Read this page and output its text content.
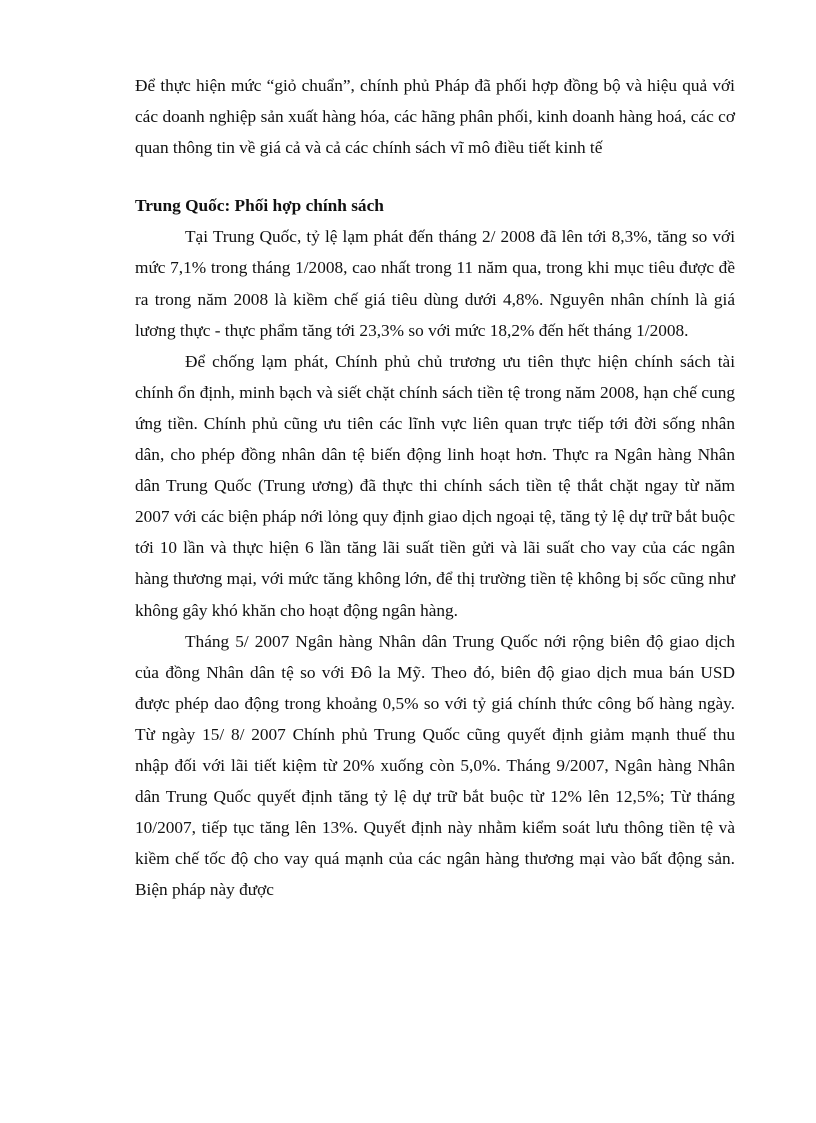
Để thực hiện mức “giỏ chuẩn”, chính phủ Pháp đã phối hợp đồng bộ và hiệu quả với các doanh nghiệp sản xuất hàng hóa, các hãng phân phối, kinh doanh hàng hoá, các cơ quan thông tin về giá cả và cả các chính sách vĩ mô điều tiết kinh tế

Trung Quốc: Phối hợp chính sách

Tại Trung Quốc, tỷ lệ lạm phát đến tháng 2/ 2008 đã lên tới 8,3%, tăng so với mức 7,1% trong tháng 1/2008, cao nhất trong 11 năm qua, trong khi mục tiêu được đề ra trong năm 2008 là kiềm chế giá tiêu dùng dưới 4,8%. Nguyên nhân chính là giá lương thực - thực phẩm tăng tới 23,3% so với mức 18,2% đến hết tháng 1/2008.

Để chống lạm phát, Chính phủ chủ trương ưu tiên thực hiện chính sách tài chính ổn định, minh bạch và siết chặt chính sách tiền tệ trong năm 2008, hạn chế cung ứng tiền. Chính phủ cũng ưu tiên các lĩnh vực liên quan trực tiếp tới đời sống nhân dân, cho phép đồng nhân dân tệ biến động linh hoạt hơn. Thực ra Ngân hàng Nhân dân Trung Quốc (Trung ương) đã thực thi chính sách tiền tệ thắt chặt ngay từ năm 2007 với các biện pháp nới lỏng quy định giao dịch ngoại tệ, tăng tỷ lệ dự trữ bắt buộc tới 10 lần và thực hiện 6 lần tăng lãi suất tiền gửi và lãi suất cho vay của các ngân hàng thương mại, với mức tăng không lớn, để thị trường tiền tệ không bị sốc cũng như không gây khó khăn cho hoạt động ngân hàng.

Tháng 5/ 2007 Ngân hàng Nhân dân Trung Quốc nới rộng biên độ giao dịch của đồng Nhân dân tệ so với Đô la Mỹ. Theo đó, biên độ giao dịch mua bán USD được phép dao động trong khoảng 0,5% so với tỷ giá chính thức công bố hàng ngày. Từ ngày 15/ 8/ 2007 Chính phủ Trung Quốc cũng quyết định giảm mạnh thuế thu nhập đối với lãi tiết kiệm từ 20% xuống còn 5,0%. Tháng 9/2007, Ngân hàng Nhân dân Trung Quốc quyết định tăng tỷ lệ dự trữ bắt buộc từ 12% lên 12,5%; Từ tháng 10/2007, tiếp tục tăng lên 13%. Quyết định này nhằm kiểm soát lưu thông tiền tệ và kiềm chế tốc độ cho vay quá mạnh của các ngân hàng thương mại vào bất động sản. Biện pháp này được
